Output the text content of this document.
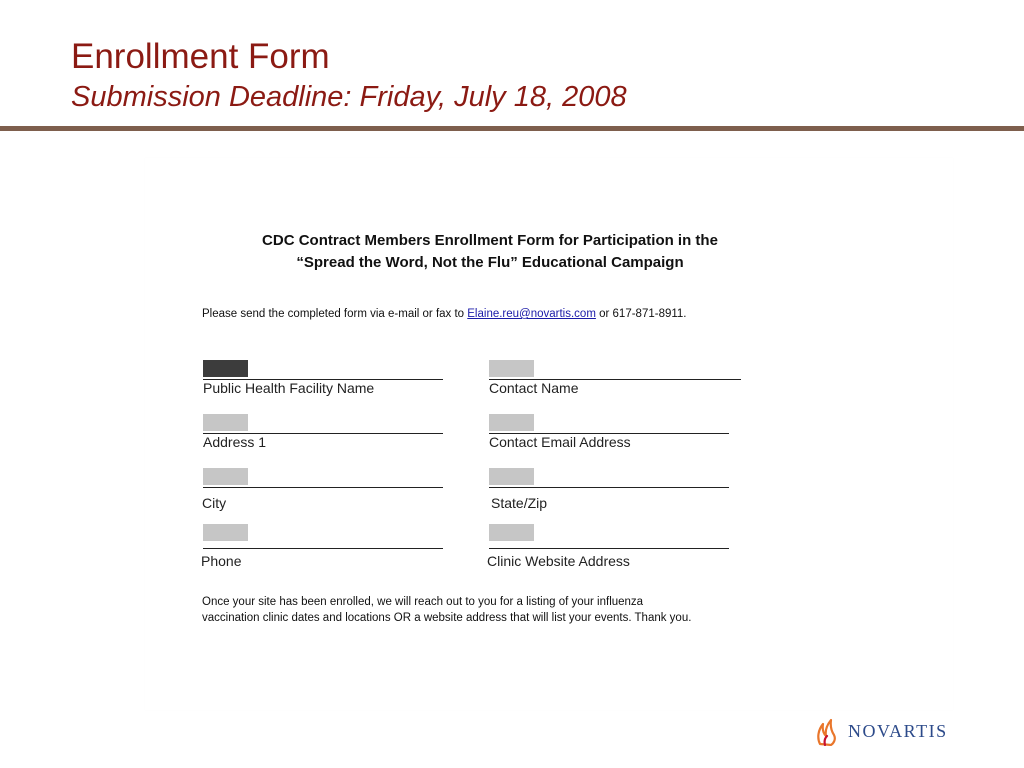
Enrollment Form
Submission Deadline: Friday, July 18, 2008
CDC Contract Members Enrollment Form for Participation in the
“Spread the Word, Not the Flu” Educational Campaign
Please send the completed form via e-mail or fax to Elaine.reu@novartis.com or 617-871-8911.
Public Health Facility Name	Contact Name
Address 1	Contact Email Address
City	State/Zip
Phone	Clinic Website Address
Once your site has been enrolled, we will reach out to you for a listing of your influenza
vaccination clinic dates and locations OR a website address that will list your events. Thank you.
NOVARTIS
